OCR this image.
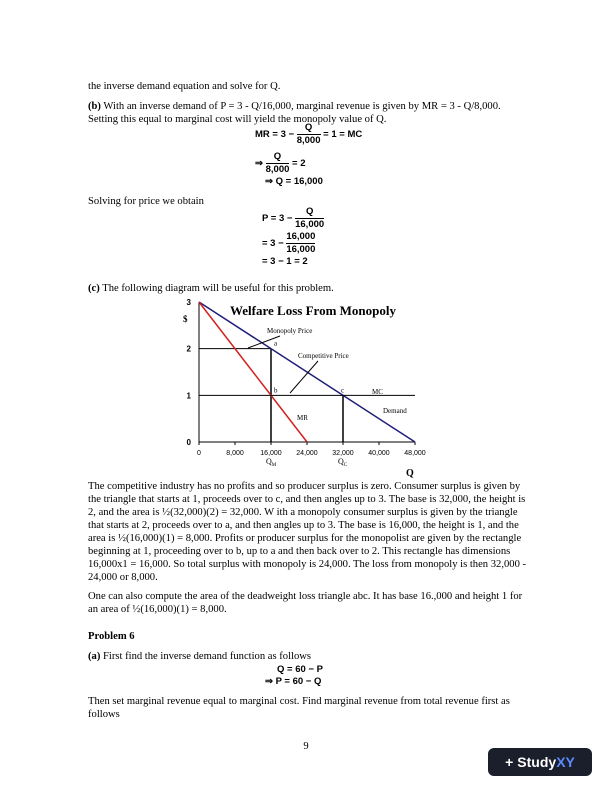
the inverse demand equation and solve for Q.
(b) With an inverse demand of P = 3 - Q/16,000, marginal revenue is given by MR = 3 - Q/8,000. Setting this equal to marginal cost will yield the monopoly value of Q.
MR = $3 - \frac{Q}{8,000} = 1$ = MC
⇒ $\frac{Q}{8,000} = 2$
⇒ Q = 16,000
Solving for price we obtain
$P = 3 - \frac{Q}{16,000}$
= $3 - \frac{16,000}{16,000}$
= 3 − 1 = 2
(c) The following diagram will be useful for this problem.
0
1
2
3
0	8,000 16,000 24,000 32,000 40,000 48,000
Welfare Loss From Monopoly
$
Q
Monopoly Price
Competitive Price
a
b	c	MC
Demand
MR
$Q_M$	$Q_C$
The competitive industry has no profits and so producer surplus is zero. Consumer surplus is given by the triangle that starts at 1, proceeds over to c, and then angles up to 3. The base is 32,000, the height is 2, and the area is ½(32,000)(2) = 32,000. W ith a monopoly consumer surplus is given by the triangle that starts at 2, proceeds over to a, and then angles up to 3. The base is 16,000, the height is 1, and the area is ½(16,000)(1) = 8,000. Profits or producer surplus for the monopolist are given by the rectangle beginning at 1, proceeding over to b, up to a and then back over to 2. This rectangle has dimensions 16,000x1 = 16,000. So total surplus with monopoly is 24,000. The loss from monopoly is then 32,000 - 24,000 or 8,000.
One can also compute the area of the deadweight loss triangle abc. It has base 16.,000 and height 1 for an area of ½(16,000)(1) = 8,000.
Problem 6
(a) First find the inverse demand function as follows
Q = 60 − P
⇒ P = 60 − Q
Then set marginal revenue equal to marginal cost. Find marginal revenue from total revenue first as follows
9
+ StudyXY
